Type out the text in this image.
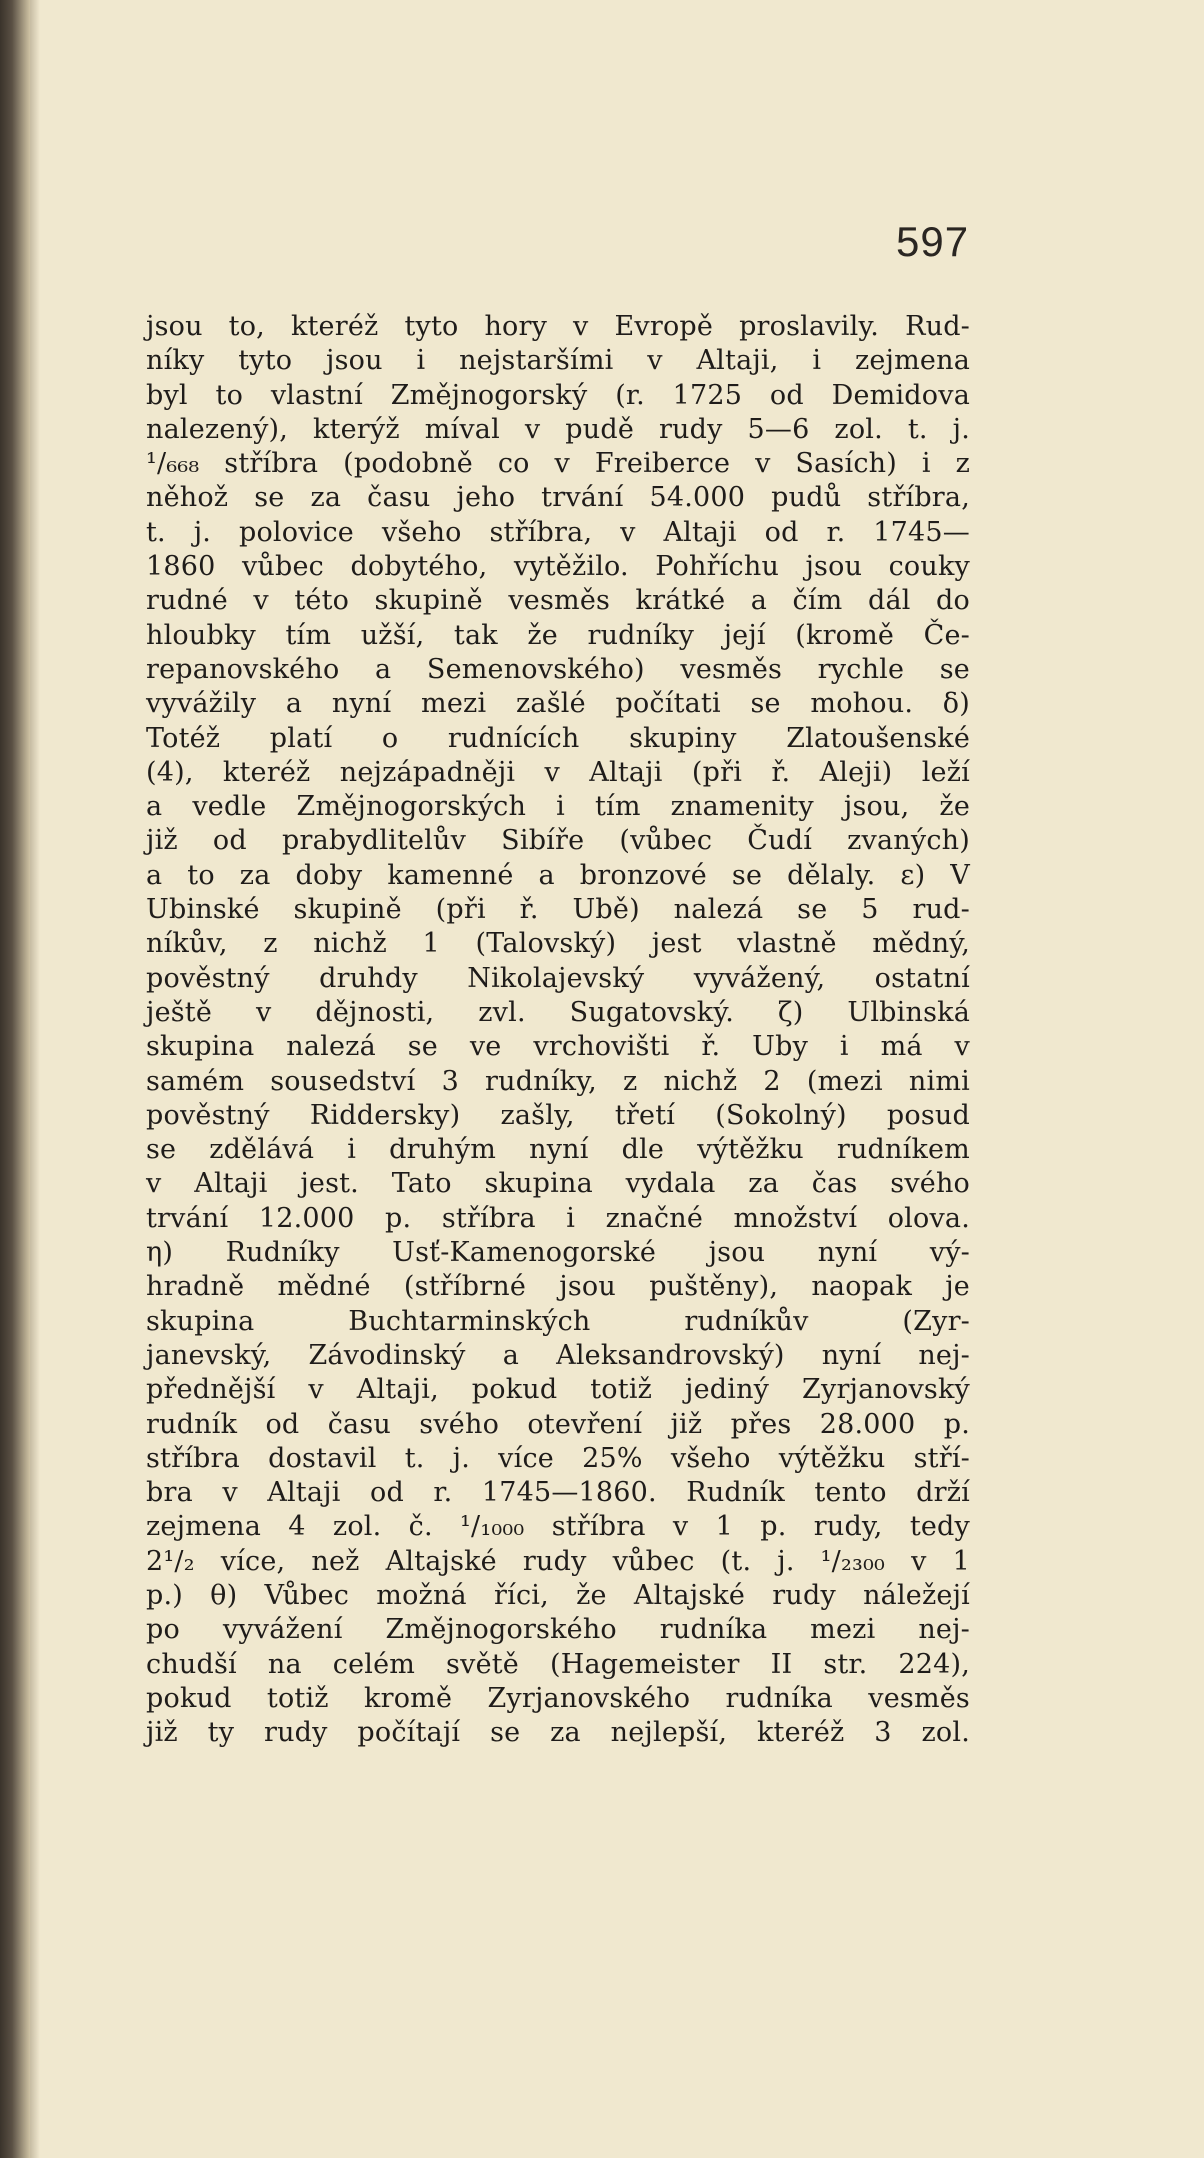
597
jsou to, kteréž tyto hory v Evropě proslavily. Rud-
níky tyto jsou i nejstaršími v Altaji, i zejmena
byl to vlastní Změjnogorský (r. 1725 od Demidova
nalezený), kterýž míval v pudě rudy 5—6 zol. t. j.
¹/₆₆₈ stříbra (podobně co v Freiberce v Sasích) i z
něhož se za času jeho trvání 54.000 pudů stříbra,
t. j. polovice všeho stříbra, v Altaji od r. 1745—
1860 vůbec dobytého, vytěžilo. Pohříchu jsou couky
rudné v této skupině vesměs krátké a čím dál do
hloubky tím užší, tak že rudníky její (kromě Če-
repanovského a Semenovského) vesměs rychle se
vyvážily a nyní mezi zašlé počítati se mohou. δ)
Totéž platí o rudnících skupiny Zlatoušenské
(4), kteréž nejzápadněji v Altaji (při ř. Aleji) leží
a vedle Změjnogorských i tím znamenity jsou, že
již od prabydlitelův Sibíře (vůbec Čudí zvaných)
a to za doby kamenné a bronzové se dělaly. ε) V
Ubinské skupině (při ř. Ubě) nalezá se 5 rud-
níkův, z nichž 1 (Talovský) jest vlastně mědný,
pověstný druhdy Nikolajevský vyvážený, ostatní
ještě v dějnosti, zvl. Sugatovský. ζ) Ulbinská
skupina nalezá se ve vrchovišti ř. Uby i má v
samém sousedství 3 rudníky, z nichž 2 (mezi nimi
pověstný Riddersky) zašly, třetí (Sokolný) posud
se zdělává i druhým nyní dle výtěžku rudníkem
v Altaji jest. Tato skupina vydala za čas svého
trvání 12.000 p. stříbra i značné množství olova.
η) Rudníky Usť-Kamenogorské jsou nyní vý-
hradně mědné (stříbrné jsou puštěny), naopak je
skupina Buchtarminských rudníkův (Zyr-
janevský, Závodinský a Aleksandrovský) nyní nej-
přednější v Altaji, pokud totiž jediný Zyrjanovský
rudník od času svého otevření již přes 28.000 p.
stříbra dostavil t. j. více 25% všeho výtěžku stří-
bra v Altaji od r. 1745—1860. Rudník tento drží
zejmena 4 zol. č. ¹/₁₀₀₀ stříbra v 1 p. rudy, tedy
2¹/₂ více, než Altajské rudy vůbec (t. j. ¹/₂₃₀₀ v 1
p.) θ) Vůbec možná říci, že Altajské rudy náležejí
po vyvážení Změjnogorského rudníka mezi nej-
chudší na celém světě (Hagemeister II str. 224),
pokud totiž kromě Zyrjanovského rudníka vesměs
již ty rudy počítají se za nejlepší, kteréž 3 zol.
